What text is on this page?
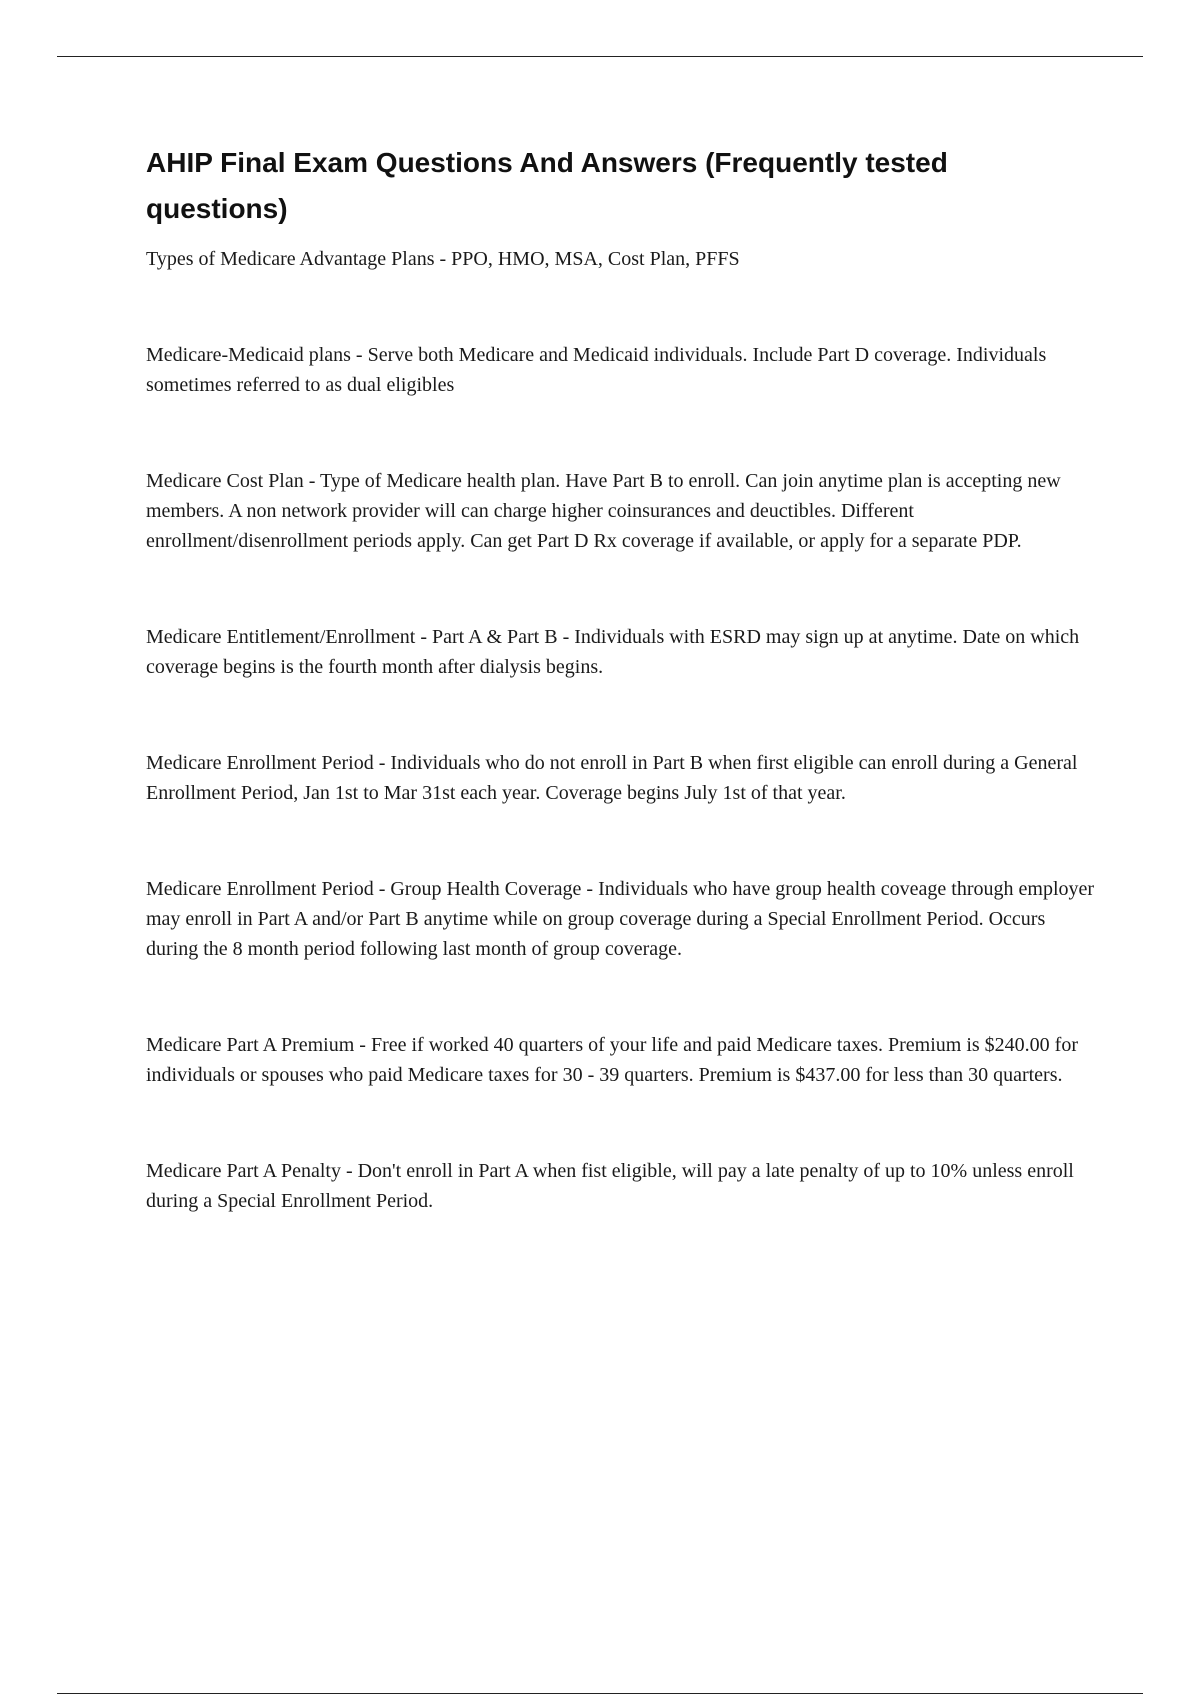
AHIP Final Exam Questions And Answers (Frequently tested questions)
Types of Medicare Advantage Plans - PPO, HMO, MSA, Cost Plan, PFFS
Medicare-Medicaid plans - Serve both Medicare and Medicaid individuals. Include Part D coverage. Individuals sometimes referred to as dual eligibles
Medicare Cost Plan - Type of Medicare health plan. Have Part B to enroll. Can join anytime plan is accepting new members. A non network provider will can charge higher coinsurances and deuctibles. Different enrollment/disenrollment periods apply. Can get Part D Rx coverage if available, or apply for a separate PDP.
Medicare Entitlement/Enrollment - Part A & Part B - Individuals with ESRD may sign up at anytime. Date on which coverage begins is the fourth month after dialysis begins.
Medicare Enrollment Period - Individuals who do not enroll in Part B when first eligible can enroll during a General Enrollment Period, Jan 1st to Mar 31st each year. Coverage begins July 1st of that year.
Medicare Enrollment Period - Group Health Coverage - Individuals who have group health coveage through employer may enroll in Part A and/or Part B anytime while on group coverage during a Special Enrollment Period. Occurs during the 8 month period following last month of group coverage.
Medicare Part A Premium - Free if worked 40 quarters of your life and paid Medicare taxes. Premium is $240.00 for individuals or spouses who paid Medicare taxes for 30 - 39 quarters. Premium is $437.00 for less than 30 quarters.
Medicare Part A Penalty - Don't enroll in Part A when fist eligible, will pay a late penalty of up to 10% unless enroll during a Special Enrollment Period.
